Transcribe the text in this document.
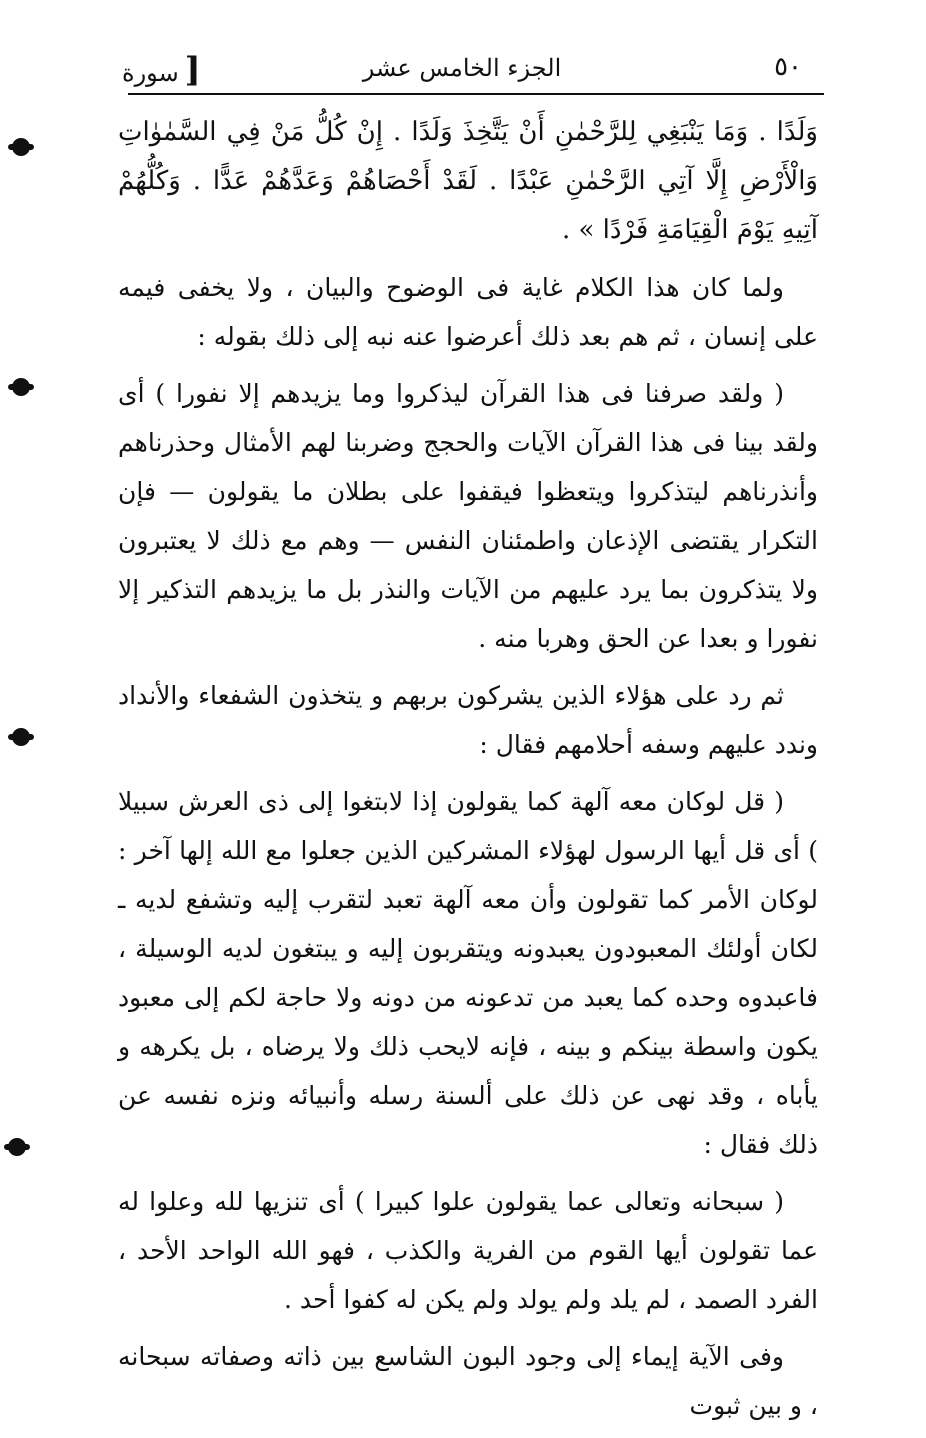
٥٠
الجزء الخامس عشر
[سورة

وَلَدًا . وَمَا يَنْبَغِي لِلرَّحْمٰنِ أَنْ يَتَّخِذَ وَلَدًا . إِنْ كُلُّ مَنْ فِي السَّمٰوٰاتِ وَالْأَرْضِ إِلَّا آتِي الرَّحْمٰنِ عَبْدًا . لَقَدْ أَحْصَاهُمْ وَعَدَّهُمْ عَدًّا . وَكُلُّهُمْ آتِيهِ يَوْمَ الْقِيَامَةِ فَرْدًا » .

ولما كان هذا الكلام غاية فى الوضوح والبيان ، ولا يخفى فيمه على إنسان ، ثم هم بعد ذلك أعرضوا عنه نبه إلى ذلك بقوله :

( ولقد صرفنا فى هذا القرآن ليذكروا وما يزيدهم إلا نفورا ) أى ولقد بينا فى هذا القرآن الآيات والحجج وضربنا لهم الأمثال وحذرناهم وأنذرناهم ليتذكروا ويتعظوا فيقفوا على بطلان ما يقولون — فإن التكرار يقتضى الإذعان واطمئنان النفس — وهم مع ذلك لا يعتبرون ولا يتذكرون بما يرد عليهم من الآيات والنذر بل ما يزيدهم التذكير إلا نفورا و بعدا عن الحق وهربا منه .

ثم رد على هؤلاء الذين يشركون بربهم و يتخذون الشفعاء والأنداد وندد عليهم وسفه أحلامهم فقال :

( قل لوكان معه آلهة كما يقولون إذا لابتغوا إلى ذى العرش سبيلا ) أى قل أيها الرسول لهؤلاء المشركين الذين جعلوا مع الله إلها آخر : لوكان الأمر كما تقولون وأن معه آلهة تعبد لتقرب إليه وتشفع لديه ـ لكان أولئك المعبودون يعبدونه ويتقربون إليه و يبتغون لديه الوسيلة ، فاعبدوه وحده كما يعبد من تدعونه من دونه ولا حاجة لكم إلى معبود يكون واسطة بينكم و بينه ، فإنه لايحب ذلك ولا يرضاه ، بل يكرهه و يأباه ، وقد نهى عن ذلك على ألسنة رسله وأنبيائه ونزه نفسه عن ذلك فقال :

( سبحانه وتعالى عما يقولون علوا كبيرا ) أى تنزيها لله وعلوا له عما تقولون أيها القوم من الفرية والكذب ، فهو الله الواحد الأحد ، الفرد الصمد ، لم يلد ولم يولد ولم يكن له كفوا أحد .

وفى الآية إيماء إلى وجود البون الشاسع بين ذاته وصفاته سبحانه ، و بين ثبوت
